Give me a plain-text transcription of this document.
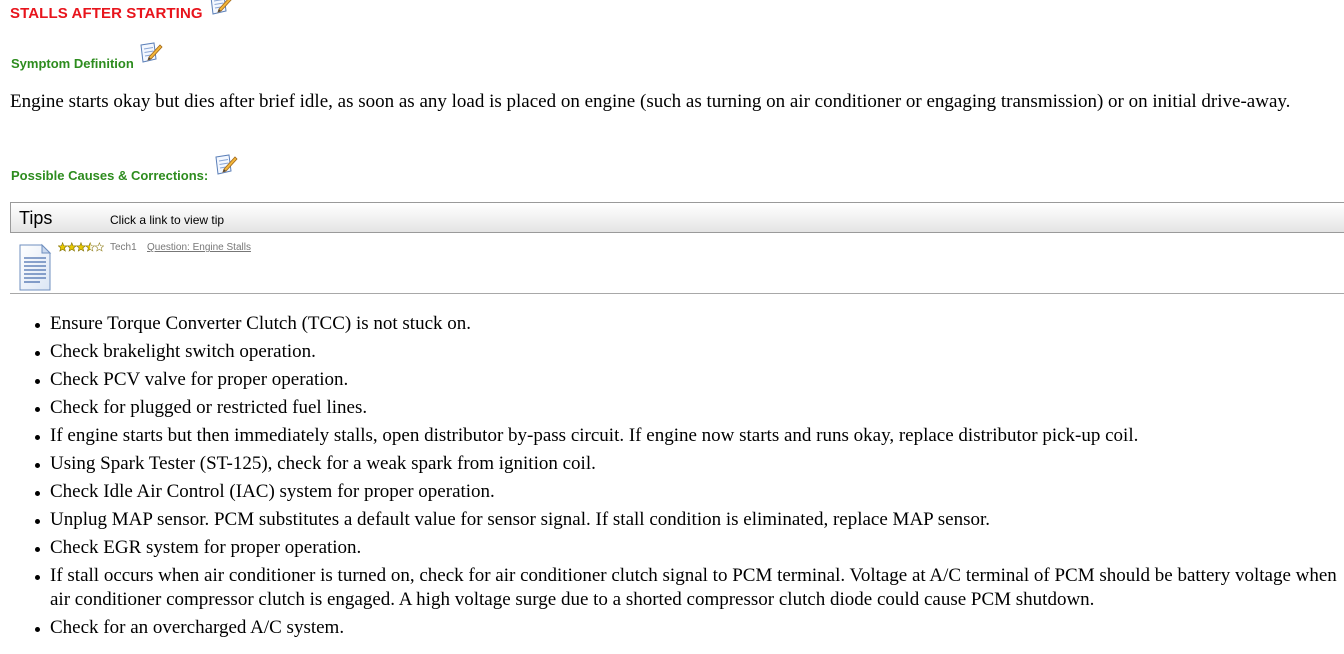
STALLS AFTER STARTING
Symptom Definition
Engine starts okay but dies after brief idle, as soon as any load is placed on engine (such as turning on air conditioner or engaging transmission) or on initial drive-away.
Possible Causes & Corrections:
Tips	Click a link to view tip
Tech1 Question: Engine Stalls
Ensure Torque Converter Clutch (TCC) is not stuck on.
Check brakelight switch operation.
Check PCV valve for proper operation.
Check for plugged or restricted fuel lines.
If engine starts but then immediately stalls, open distributor by-pass circuit. If engine now starts and runs okay, replace distributor pick-up coil.
Using Spark Tester (ST-125), check for a weak spark from ignition coil.
Check Idle Air Control (IAC) system for proper operation.
Unplug MAP sensor. PCM substitutes a default value for sensor signal. If stall condition is eliminated, replace MAP sensor.
Check EGR system for proper operation.
If stall occurs when air conditioner is turned on, check for air conditioner clutch signal to PCM terminal. Voltage at A/C terminal of PCM should be battery voltage when air conditioner compressor clutch is engaged. A high voltage surge due to a shorted compressor clutch diode could cause PCM shutdown.
Check for an overcharged A/C system.
